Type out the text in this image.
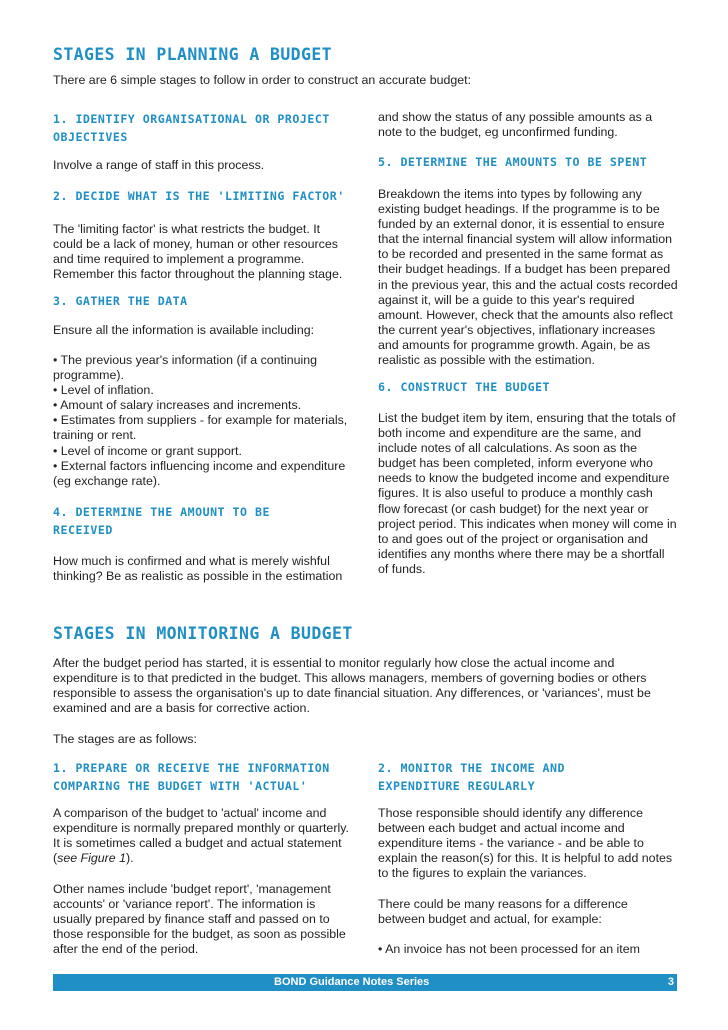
STAGES IN PLANNING A BUDGET

There are 6 simple stages to follow in order to construct an accurate budget:

1. IDENTIFY ORGANISATIONAL OR PROJECT OBJECTIVES

Involve a range of staff in this process.

2. DECIDE WHAT IS THE 'LIMITING FACTOR'

The 'limiting factor' is what restricts the budget. It could be a lack of money, human or other resources and time required to implement a programme. Remember this factor throughout the planning stage.

3. GATHER THE DATA

Ensure all the information is available including:

• The previous year's information (if a continuing programme).

• Level of inflation.

• Amount of salary increases and increments.

• Estimates from suppliers - for example for materials, training or rent.

• Level of income or grant support.

• External factors influencing income and expenditure (eg exchange rate).

4. DETERMINE THE AMOUNT TO BE RECEIVED

How much is confirmed and what is merely wishful thinking? Be as realistic as possible in the estimation

and show the status of any possible amounts as a note to the budget, eg unconfirmed funding.

5. DETERMINE THE AMOUNTS TO BE SPENT

Breakdown the items into types by following any existing budget headings. If the programme is to be funded by an external donor, it is essential to ensure that the internal financial system will allow information to be recorded and presented in the same format as their budget headings. If a budget has been prepared in the previous year, this and the actual costs recorded against it, will be a guide to this year's required amount. However, check that the amounts also reflect the current year's objectives, inflationary increases and amounts for programme growth. Again, be as realistic as possible with the estimation.

6. CONSTRUCT THE BUDGET

List the budget item by item, ensuring that the totals of both income and expenditure are the same, and include notes of all calculations. As soon as the budget has been completed, inform everyone who needs to know the budgeted income and expenditure figures. It is also useful to produce a monthly cash flow forecast (or cash budget) for the next year or project period. This indicates when money will come in to and goes out of the project or organisation and identifies any months where there may be a shortfall of funds.

STAGES IN MONITORING A BUDGET

After the budget period has started, it is essential to monitor regularly how close the actual income and expenditure is to that predicted in the budget. This allows managers, members of governing bodies or others responsible to assess the organisation's up to date financial situation. Any differences, or 'variances', must be examined and are a basis for corrective action.

The stages are as follows:

1. PREPARE OR RECEIVE THE INFORMATION COMPARING THE BUDGET WITH 'ACTUAL'

A comparison of the budget to 'actual' income and expenditure is normally prepared monthly or quarterly. It is sometimes called a budget and actual statement (see Figure 1).

Other names include 'budget report', 'management accounts' or 'variance report'. The information is usually prepared by finance staff and passed on to those responsible for the budget, as soon as possible after the end of the period.

2. MONITOR THE INCOME AND EXPENDITURE REGULARLY

Those responsible should identify any difference between each budget and actual income and expenditure items - the variance - and be able to explain the reason(s) for this. It is helpful to add notes to the figures to explain the variances.

There could be many reasons for a difference between budget and actual, for example:

• An invoice has not been processed for an item

BOND Guidance Notes Series	3
